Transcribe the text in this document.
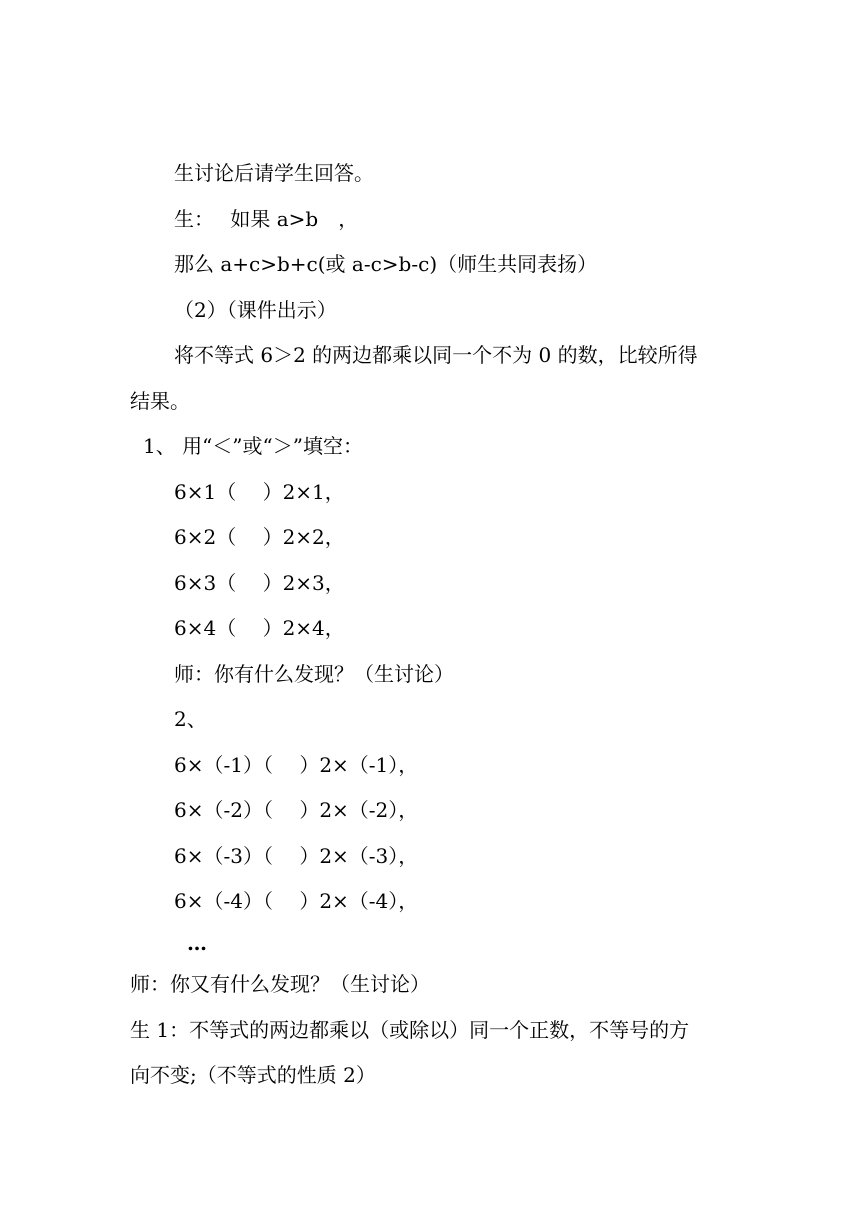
生讨论后请学生回答。

生：　 如果 a>b　，

那么 a+c>b+c(或 a-c>b-c)（师生共同表扬）

（2）（课件出示）

将不等式 6＞2 的两边都乘以同一个不为 0 的数，比较所得

结果。

1、 用“＜”或“＞”填空：

6×1（　 ）2×1，

6×2（　 ）2×2，

6×3（　 ）2×3，

6×4（　 ）2×4，

师：你有什么发现？（生讨论）

2、

6×（-1）（　 ）2×（-1），

6×（-2）（　 ）2×（-2），

6×（-3）（　 ）2×（-3），

6×（-4）（　 ）2×（-4），

…

师：你又有什么发现？（生讨论）

生 1：不等式的两边都乘以（或除以）同一个正数，不等号的方

向不变;（不等式的性质 2）
